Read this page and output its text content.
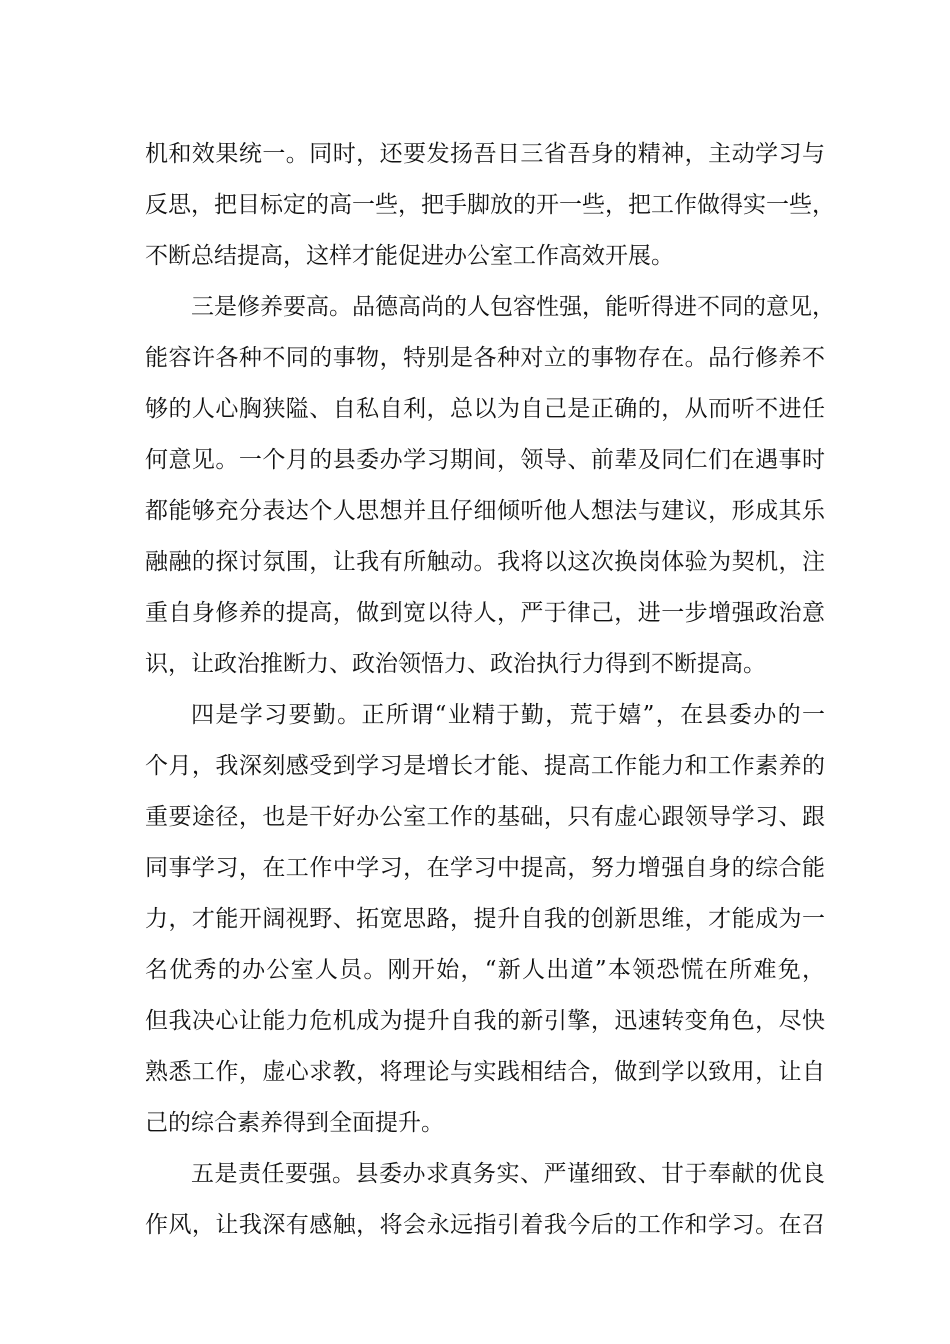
机和效果统一。同时，还要发扬吾日三省吾身的精神，主动学习与
反思，把目标定的高一些，把手脚放的开一些，把工作做得实一些，
不断总结提高，这样才能促进办公室工作高效开展。
三是修养要高。品德高尚的人包容性强，能听得进不同的意见，
能容许各种不同的事物，特别是各种对立的事物存在。品行修养不
够的人心胸狭隘、自私自利，总以为自己是正确的，从而听不进任
何意见。一个月的县委办学习期间，领导、前辈及同仁们在遇事时
都能够充分表达个人思想并且仔细倾听他人想法与建议，形成其乐
融融的探讨氛围，让我有所触动。我将以这次换岗体验为契机，注
重自身修养的提高，做到宽以待人，严于律己，进一步增强政治意
识，让政治推断力、政治领悟力、政治执行力得到不断提高。
四是学习要勤。正所谓“业精于勤，荒于嬉”，在县委办的一
个月，我深刻感受到学习是增长才能、提高工作能力和工作素养的
重要途径，也是干好办公室工作的基础，只有虚心跟领导学习、跟
同事学习，在工作中学习，在学习中提高，努力增强自身的综合能
力，才能开阔视野、拓宽思路，提升自我的创新思维，才能成为一
名优秀的办公室人员。刚开始，“新人出道”本领恐慌在所难免，
但我决心让能力危机成为提升自我的新引擎，迅速转变角色，尽快
熟悉工作，虚心求教，将理论与实践相结合，做到学以致用，让自
己的综合素养得到全面提升。
五是责任要强。县委办求真务实、严谨细致、甘于奉献的优良
作风，让我深有感触，将会永远指引着我今后的工作和学习。在召
